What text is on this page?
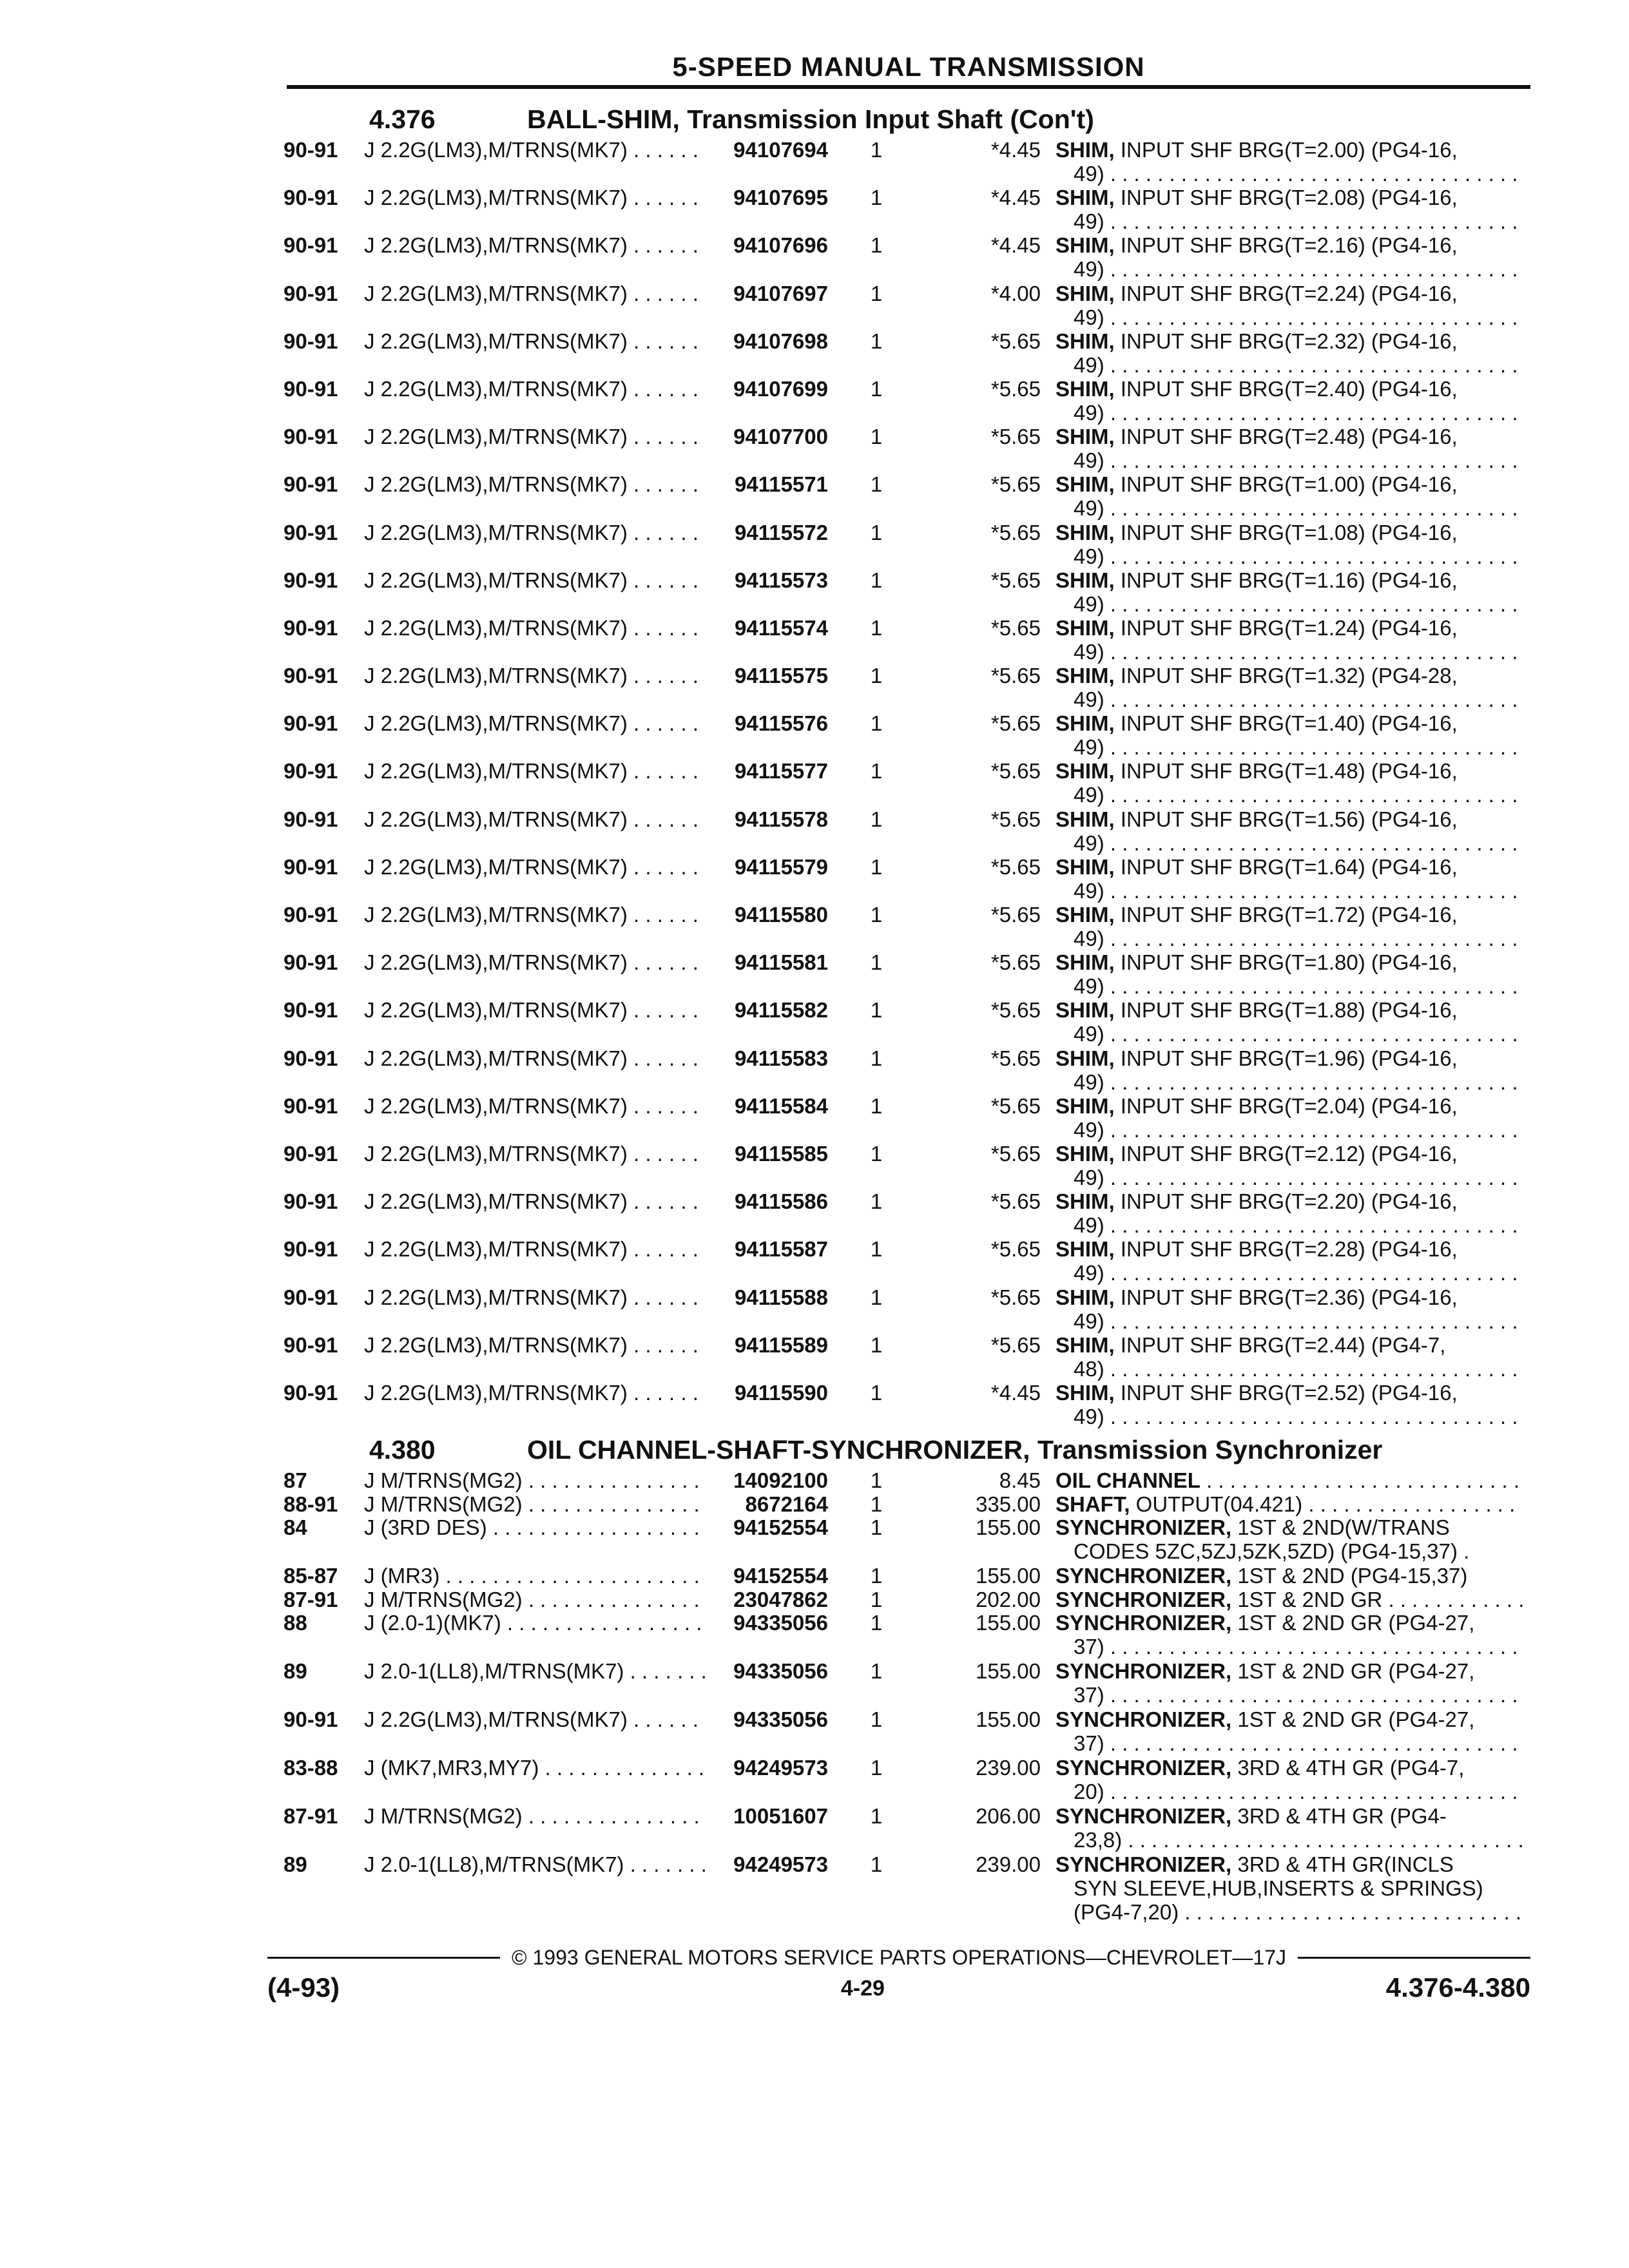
5-SPEED MANUAL TRANSMISSION
4.376	BALL-SHIM, Transmission Input Shaft (Con't)
90-91	J 2.2G(LM3),M/TRNS(MK7) . . .	94107694 1	*4.45 SHIM, INPUT SHF BRG(T=2.00) (PG4-16,
49) . . .
90-91	J 2.2G(LM3),M/TRNS(MK7) . . .	94107695 1	*4.45 SHIM, INPUT SHF BRG(T=2.08) (PG4-16,
49) . . .
90-91	J 2.2G(LM3),M/TRNS(MK7) . . .	94107696 1	*4.45 SHIM, INPUT SHF BRG(T=2.16) (PG4-16,
49) . . .
90-91	J 2.2G(LM3),M/TRNS(MK7) . . .	94107697 1	*4.00 SHIM, INPUT SHF BRG(T=2.24) (PG4-16,
49) . . .
90-91	J 2.2G(LM3),M/TRNS(MK7) . . .	94107698 1	*5.65 SHIM, INPUT SHF BRG(T=2.32) (PG4-16,
49) . . .
90-91	J 2.2G(LM3),M/TRNS(MK7) . . .	94107699 1	*5.65 SHIM, INPUT SHF BRG(T=2.40) (PG4-16,
49) . . .
90-91	J 2.2G(LM3),M/TRNS(MK7) . . .	94107700 1	*5.65 SHIM, INPUT SHF BRG(T=2.48) (PG4-16,
49) . . .
90-91	J 2.2G(LM3),M/TRNS(MK7) . . .	94115571 1	*5.65 SHIM, INPUT SHF BRG(T=1.00) (PG4-16,
49) . . .
90-91	J 2.2G(LM3),M/TRNS(MK7) . . .	94115572 1	*5.65 SHIM, INPUT SHF BRG(T=1.08) (PG4-16,
49) . . .
90-91	J 2.2G(LM3),M/TRNS(MK7) . . .	94115573 1	*5.65 SHIM, INPUT SHF BRG(T=1.16) (PG4-16,
49) . . .
90-91	J 2.2G(LM3),M/TRNS(MK7) . . .	94115574 1	*5.65 SHIM, INPUT SHF BRG(T=1.24) (PG4-16,
49) . . .
90-91	J 2.2G(LM3),M/TRNS(MK7) . . .	94115575 1	*5.65 SHIM, INPUT SHF BRG(T=1.32) (PG4-28,
49) . . .
90-91	J 2.2G(LM3),M/TRNS(MK7) . . .	94115576 1	*5.65 SHIM, INPUT SHF BRG(T=1.40) (PG4-16,
49) . . .
90-91	J 2.2G(LM3),M/TRNS(MK7) . . .	94115577 1	*5.65 SHIM, INPUT SHF BRG(T=1.48) (PG4-16,
49) . . .
90-91	J 2.2G(LM3),M/TRNS(MK7) . . .	94115578 1	*5.65 SHIM, INPUT SHF BRG(T=1.56) (PG4-16,
49) . . .
90-91	J 2.2G(LM3),M/TRNS(MK7) . . .	94115579 1	*5.65 SHIM, INPUT SHF BRG(T=1.64) (PG4-16,
49) . . .
90-91	J 2.2G(LM3),M/TRNS(MK7) . . .	94115580 1	*5.65 SHIM, INPUT SHF BRG(T=1.72) (PG4-16,
49) . . .
90-91	J 2.2G(LM3),M/TRNS(MK7) . . .	94115581 1	*5.65 SHIM, INPUT SHF BRG(T=1.80) (PG4-16,
49) . . .
90-91	J 2.2G(LM3),M/TRNS(MK7) . . .	94115582 1	*5.65 SHIM, INPUT SHF BRG(T=1.88) (PG4-16,
49) . . .
90-91	J 2.2G(LM3),M/TRNS(MK7) . . .	94115583 1	*5.65 SHIM, INPUT SHF BRG(T=1.96) (PG4-16,
49) . . .
90-91	J 2.2G(LM3),M/TRNS(MK7) . . .	94115584 1	*5.65 SHIM, INPUT SHF BRG(T=2.04) (PG4-16,
49) . . .
90-91	J 2.2G(LM3),M/TRNS(MK7) . . .	94115585 1	*5.65 SHIM, INPUT SHF BRG(T=2.12) (PG4-16,
49) . . .
90-91	J 2.2G(LM3),M/TRNS(MK7) . . .	94115586 1	*5.65 SHIM, INPUT SHF BRG(T=2.20) (PG4-16,
49) . . .
90-91	J 2.2G(LM3),M/TRNS(MK7) . . .	94115587 1	*5.65 SHIM, INPUT SHF BRG(T=2.28) (PG4-16,
49) . . .
90-91	J 2.2G(LM3),M/TRNS(MK7) . . .	94115588 1	*5.65 SHIM, INPUT SHF BRG(T=2.36) (PG4-16,
49) . . .
90-91	J 2.2G(LM3),M/TRNS(MK7) . . .	94115589 1	*5.65 SHIM, INPUT SHF BRG(T=2.44) (PG4-7,
48) . . .
90-91	J 2.2G(LM3),M/TRNS(MK7) . . .	94115590 1	*4.45 SHIM, INPUT SHF BRG(T=2.52) (PG4-16,
49) . . .
4.380	OIL CHANNEL-SHAFT-SYNCHRONIZER, Transmission Synchronizer
87	J M/TRNS(MG2) . . .	14092100 1	8.45 OIL CHANNEL . . .
88-91	J M/TRNS(MG2) . . .	8672164 1	335.00 SHAFT, OUTPUT(04.421) . . .
84	J (3RD DES) . . .	94152554 1	155.00 SYNCHRONIZER, 1ST & 2ND(W/TRANS
CODES 5ZC,5ZJ,5ZK,5ZD) (PG4-15,37) .
85-87	J (MR3) . . .	94152554 1	155.00 SYNCHRONIZER, 1ST & 2ND (PG4-15,37)
87-91	J M/TRNS(MG2) . . .	23047862 1	202.00 SYNCHRONIZER, 1ST & 2ND GR . . .
88	J (2.0-1)(MK7) . . .	94335056 1	155.00 SYNCHRONIZER, 1ST & 2ND GR (PG4-27,
37) . . .
89	J 2.0-1(LL8),M/TRNS(MK7) . . .	94335056 1	155.00 SYNCHRONIZER, 1ST & 2ND GR (PG4-27,
37) . . .
90-91	J 2.2G(LM3),M/TRNS(MK7) . . .	94335056 1	155.00 SYNCHRONIZER, 1ST & 2ND GR (PG4-27,
37) . . .
83-88	J (MK7,MR3,MY7) . . .	94249573 1	239.00 SYNCHRONIZER, 3RD & 4TH GR (PG4-7,
20) . . .
87-91	J M/TRNS(MG2) . . .	10051607 1	206.00 SYNCHRONIZER, 3RD & 4TH GR (PG4-
23,8) . . .
89	J 2.0-1(LL8),M/TRNS(MK7) . . .	94249573 1	239.00 SYNCHRONIZER, 3RD & 4TH GR(INCLS
SYN SLEEVE,HUB,INSERTS & SPRINGS)
(PG4-7,20) . . .
© 1993 GENERAL MOTORS SERVICE PARTS OPERATIONS—CHEVROLET—17J
(4-93)	4-29	4.376-4.380
